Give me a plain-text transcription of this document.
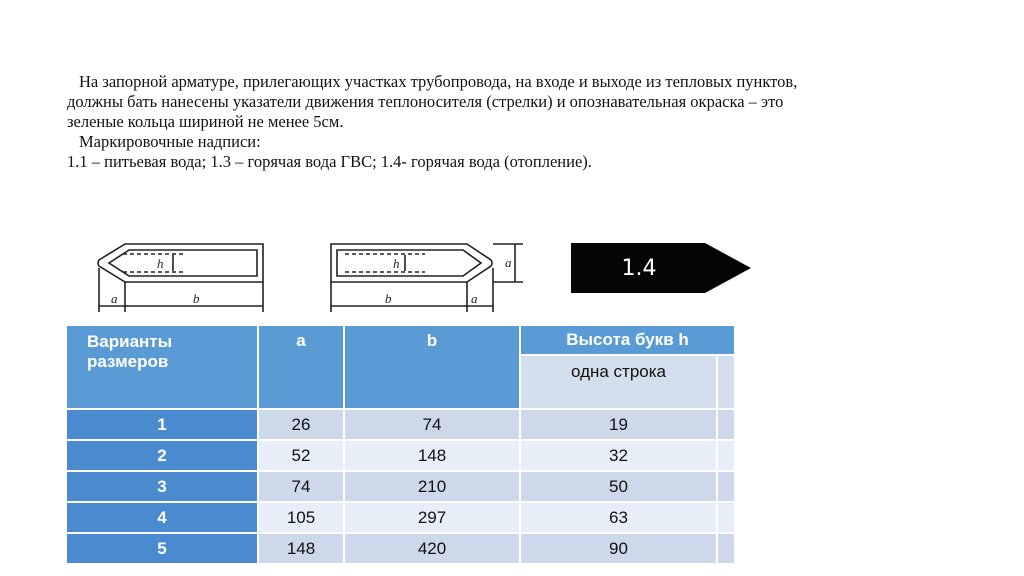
На запорной арматуре, прилегающих участках трубопровода, на входе и выходе из тепловых пунктов,
должны бать нанесены указатели движения теплоносителя (стрелки) и опознавательная окраска – это
зеленые кольца шириной не менее 5см.
Маркировочные надписи:
1.1 – питьевая вода; 1.3 – горячая вода ГВС; 1.4- горячая вода (отопление).
h
a	b
h	a
b	a
1.4
Варианты размеров	a	b	Высота букв h	
			одна строка	
1	26	74	19	
2	52	148	32	
3	74	210	50	
4	105	297	63	
5	148	420	90	
